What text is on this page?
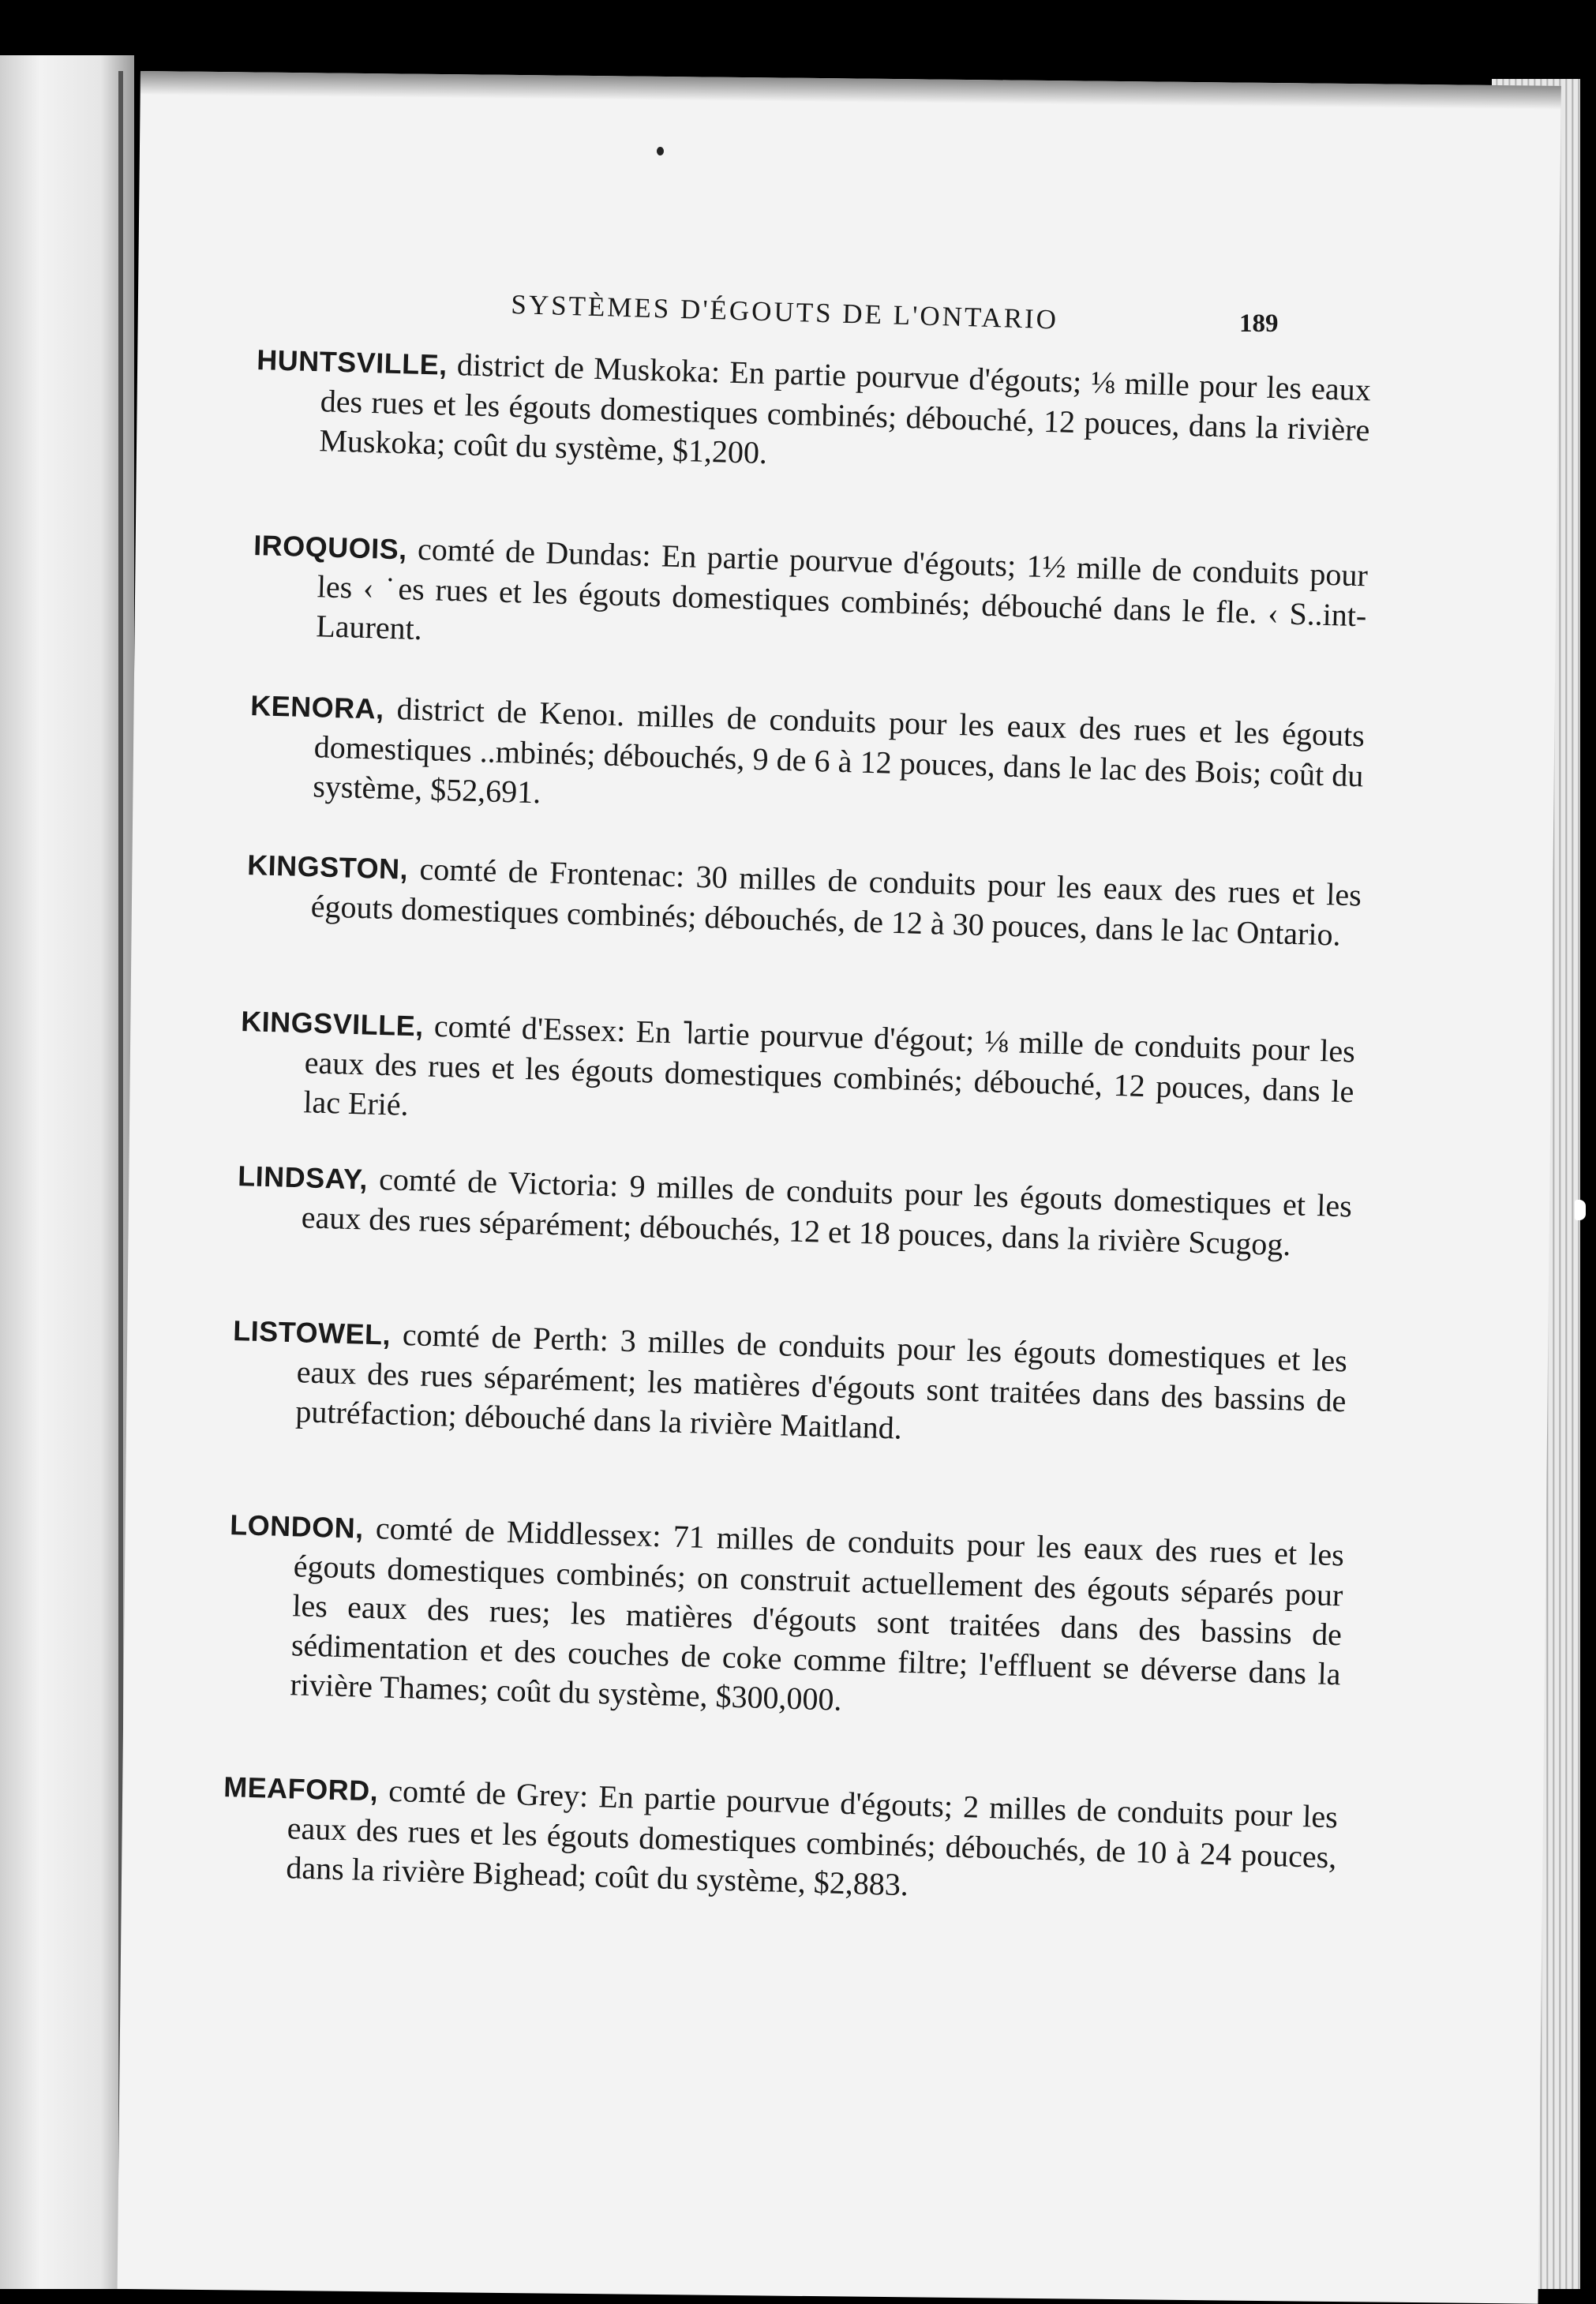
SYSTÈMES D'ÉGOUTS DE L'ONTARIO	189
HUNTSVILLE, district de Muskoka: En partie pourvue d'égouts; ⅛ mille pour les eaux des rues et les égouts domestiques combinés; débouché, 12 pouces, dans la rivière Muskoka; coût du système, $1,200.
IROQUOIS, comté de Dundas: En partie pourvue d'égouts; 1½ mille de conduits pour les ‹ ˙es rues et les égouts domestiques combinés; débouché dans le fle. ‹ S..int-Laurent.
KENORA, district de Kenoı. milles de conduits pour les eaux des rues et les égouts domestiques ..mbinés; débouchés, 9 de 6 à 12 pouces, dans le lac des Bois; coût du système, $52,691.
KINGSTON, comté de Frontenac: 30 milles de conduits pour les eaux des rues et les égouts domestiques combinés; débouchés, de 12 à 30 pouces, dans le lac Ontario.
KINGSVILLE, comté d'Essex: En ˥artie pourvue d'égout; ⅛ mille de conduits pour les eaux des rues et les égouts domestiques combinés; débouché, 12 pouces, dans le lac Erié.
LINDSAY, comté de Victoria: 9 milles de conduits pour les égouts domestiques et les eaux des rues séparément; débouchés, 12 et 18 pouces, dans la rivière Scugog.
LISTOWEL, comté de Perth: 3 milles de conduits pour les égouts domestiques et les eaux des rues séparément; les matières d'égouts sont traitées dans des bassins de putréfaction; débouché dans la rivière Maitland.
LONDON, comté de Middlessex: 71 milles de conduits pour les eaux des rues et les égouts domestiques combinés; on construit actuellement des égouts séparés pour les eaux des rues; les matières d'égouts sont traitées dans des bassins de sédimentation et des couches de coke comme filtre; l'effluent se déverse dans la rivière Thames; coût du système, $300,000.
MEAFORD, comté de Grey: En partie pourvue d'égouts; 2 milles de conduits pour les eaux des rues et les égouts domestiques combinés; débouchés, de 10 à 24 pouces, dans la rivière Bighead; coût du système, $2,883.
